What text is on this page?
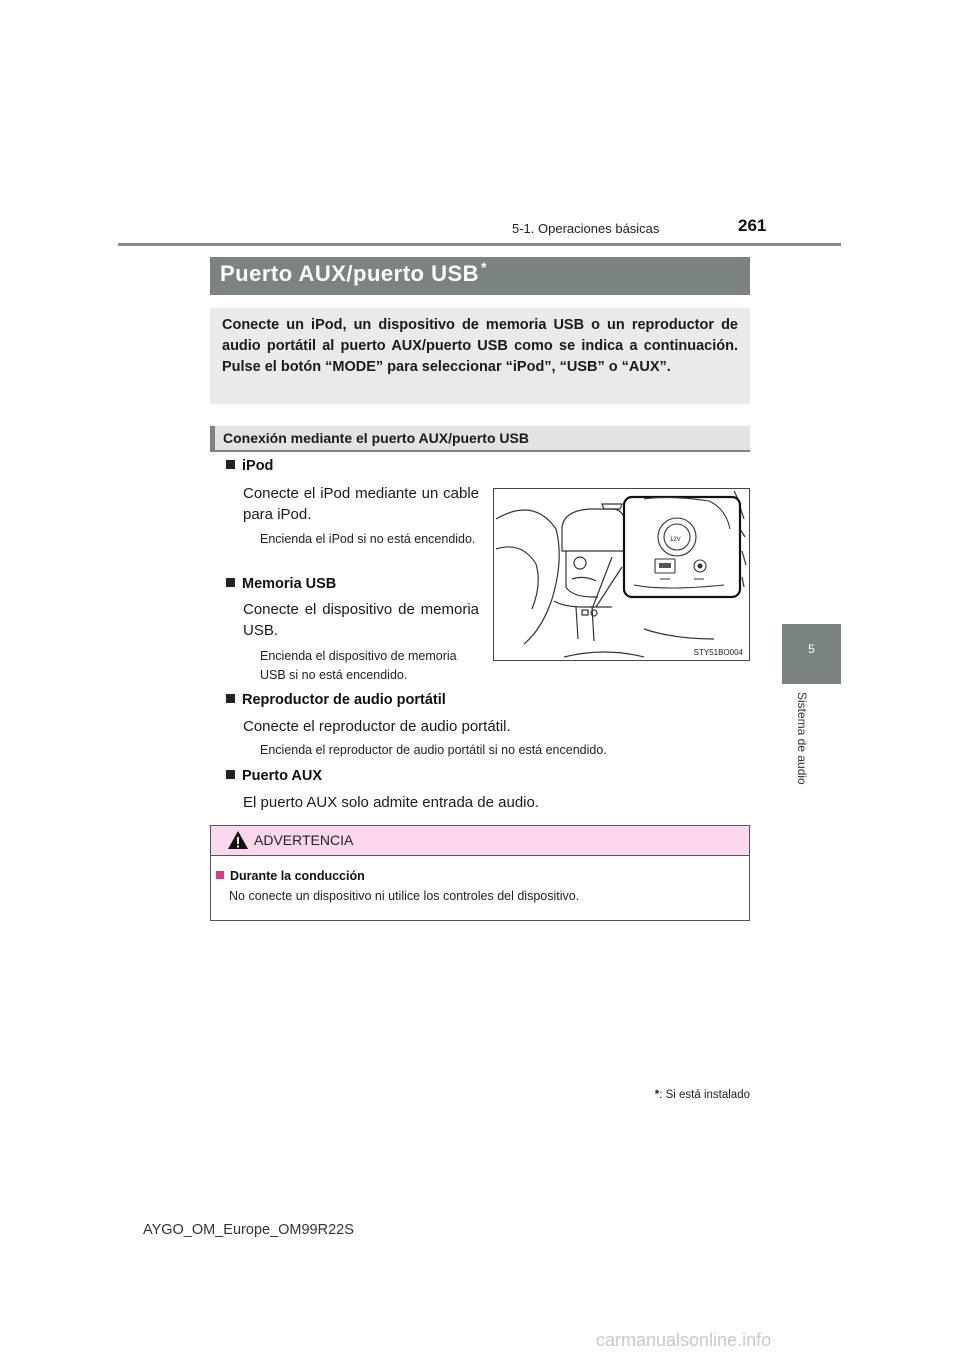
5-1. Operaciones básicas	261
5
Sistema de audio
Puerto AUX/puerto USB *
Conecte un iPod, un dispositivo de memoria USB o un reproductor de audio portátil al puerto AUX/puerto USB como se indica a continuación. Pulse el botón “MODE” para seleccionar “iPod”, “USB” o “AUX”.
Conexión mediante el puerto AUX/puerto USB
iPod
Conecte el iPod mediante un cable para iPod.
Encienda el iPod si no está encendido.
Memoria USB
Conecte el dispositivo de memoria USB.
Encienda el dispositivo de memoria USB si no está encendido.
12V
STY51BO004
Reproductor de audio portátil
Conecte el reproductor de audio portátil.
Encienda el reproductor de audio portátil si no está encendido.
Puerto AUX
El puerto AUX solo admite entrada de audio.
ADVERTENCIA
Durante la conducción
No conecte un dispositivo ni utilice los controles del dispositivo.
*: Si está instalado
AYGO_OM_Europe_OM99R22S
carmanualsonline.info
